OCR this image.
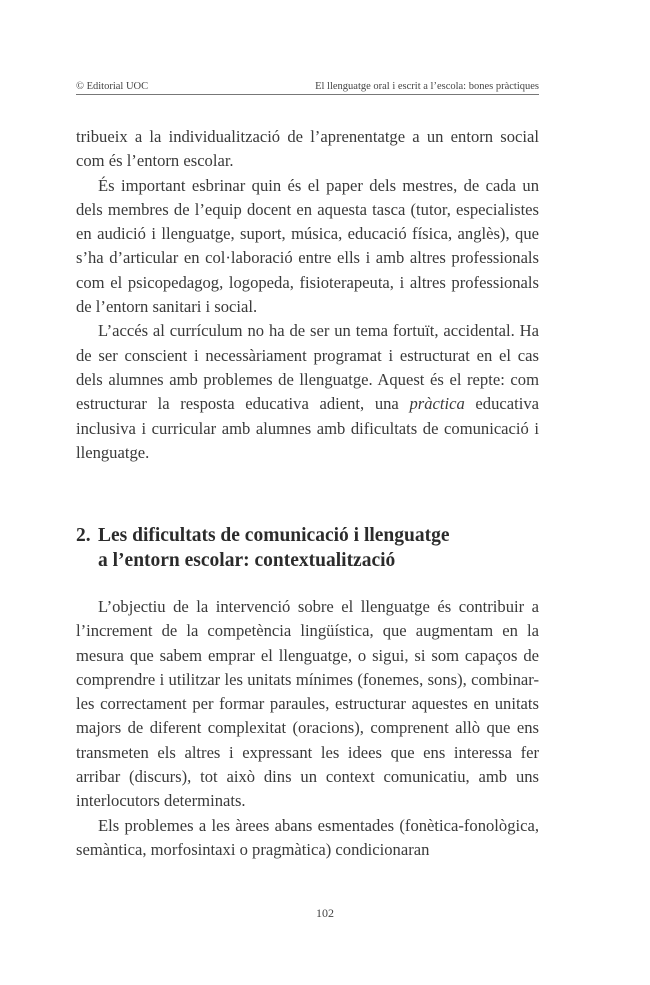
© Editorial UOC	El llenguatge oral i escrit a l’escola: bones pràctiques

tribueix a la individualització de l’aprenentatge a un entorn social com és l’entorn escolar.

És important esbrinar quin és el paper dels mestres, de cada un dels membres de l’equip docent en aquesta tasca (tutor, especialistes en audició i llenguatge, suport, música, educació física, anglès), que s’ha d’articular en col·laboració entre ells i amb altres professionals com el psicopedagog, logopeda, fisioterapeuta, i altres professionals de l’entorn sanitari i social.

L’accés al currículum no ha de ser un tema fortuït, accidental. Ha de ser conscient i necessàriament programat i estructurat en el cas dels alumnes amb problemes de llenguatge. Aquest és el repte: com estructurar la resposta educativa adient, una pràctica educativa inclusiva i curricular amb alumnes amb dificultats de comunicació i llenguatge.

2. Les dificultats de comunicació i llenguatge
a l’entorn escolar: contextualització

L’objectiu de la intervenció sobre el llenguatge és contribuir a l’increment de la competència lingüística, que augmentam en la mesura que sabem emprar el llenguatge, o sigui, si som capaços de comprendre i utilitzar les unitats mínimes (fonemes, sons), combinar-les correctament per formar paraules, estructurar aquestes en unitats majors de diferent complexitat (oracions), comprenent allò que ens transmeten els altres i expressant les idees que ens interessa fer arribar (discurs), tot això dins un context comunicatiu, amb uns interlocutors determinats.

Els problemes a les àrees abans esmentades (fonètica-fonològica, semàntica, morfosintaxi o pragmàtica) condicionaran

102
